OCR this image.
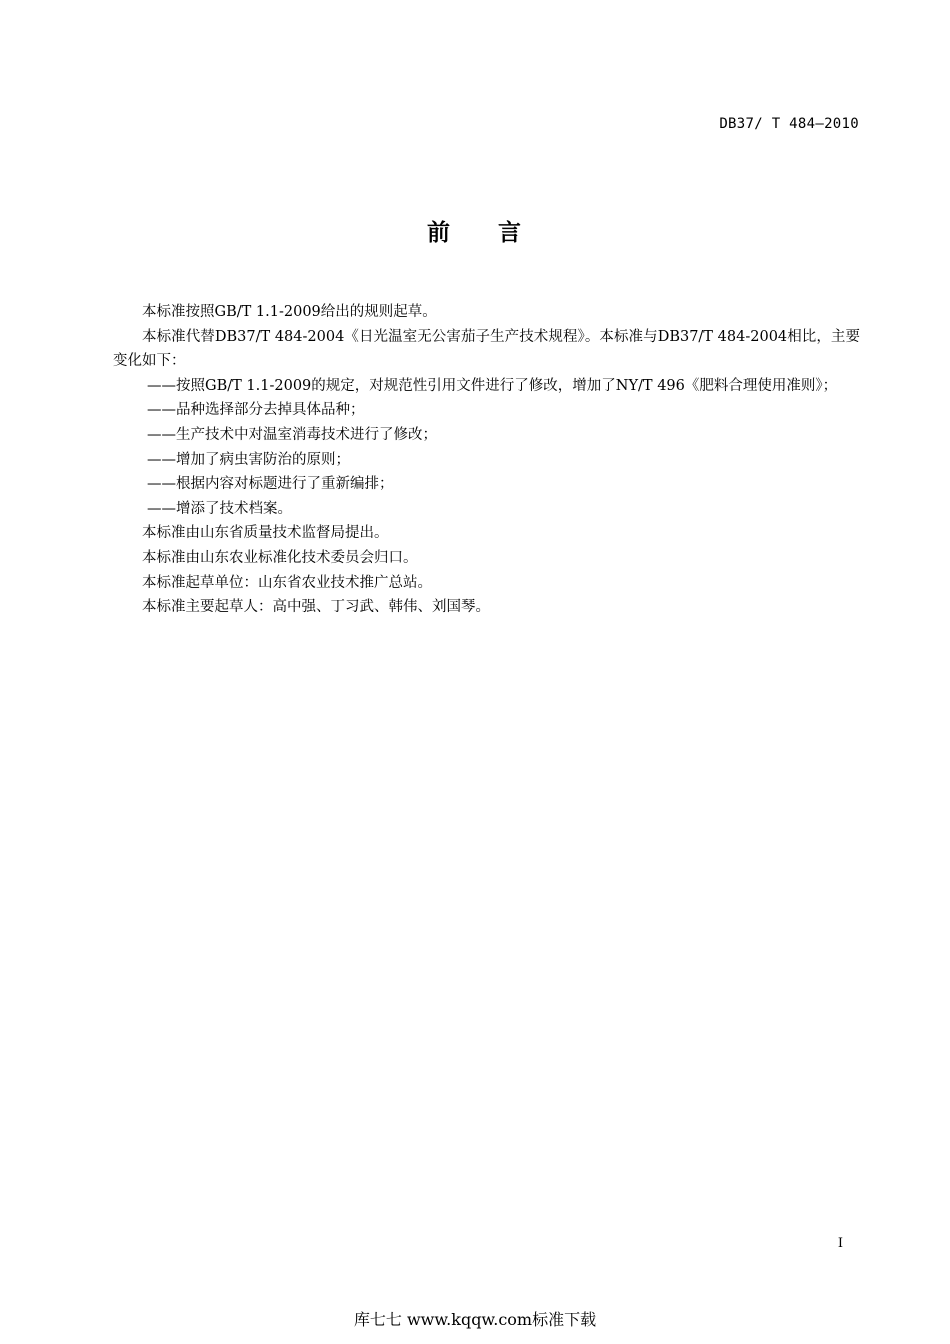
DB37/ T 484—2010
前 言

本标准按照GB/T 1.1-2009给出的规则起草。

本标准代替DB37/T 484-2004《日光温室无公害茄子生产技术规程》。本标准与DB37/T 484-2004相比，主要变化如下：

——按照GB/T 1.1-2009的规定，对规范性引用文件进行了修改，增加了NY/T 496《肥料合理使用准则》；

——品种选择部分去掉具体品种；

——生产技术中对温室消毒技术进行了修改；

——增加了病虫害防治的原则；

——根据内容对标题进行了重新编排；

——增添了技术档案。

本标准由山东省质量技术监督局提出。

本标准由山东农业标准化技术委员会归口。

本标准起草单位：山东省农业技术推广总站。

本标准主要起草人：高中强、丁习武、韩伟、刘国琴。

I
库七七 www.kqqw.com标准下载
